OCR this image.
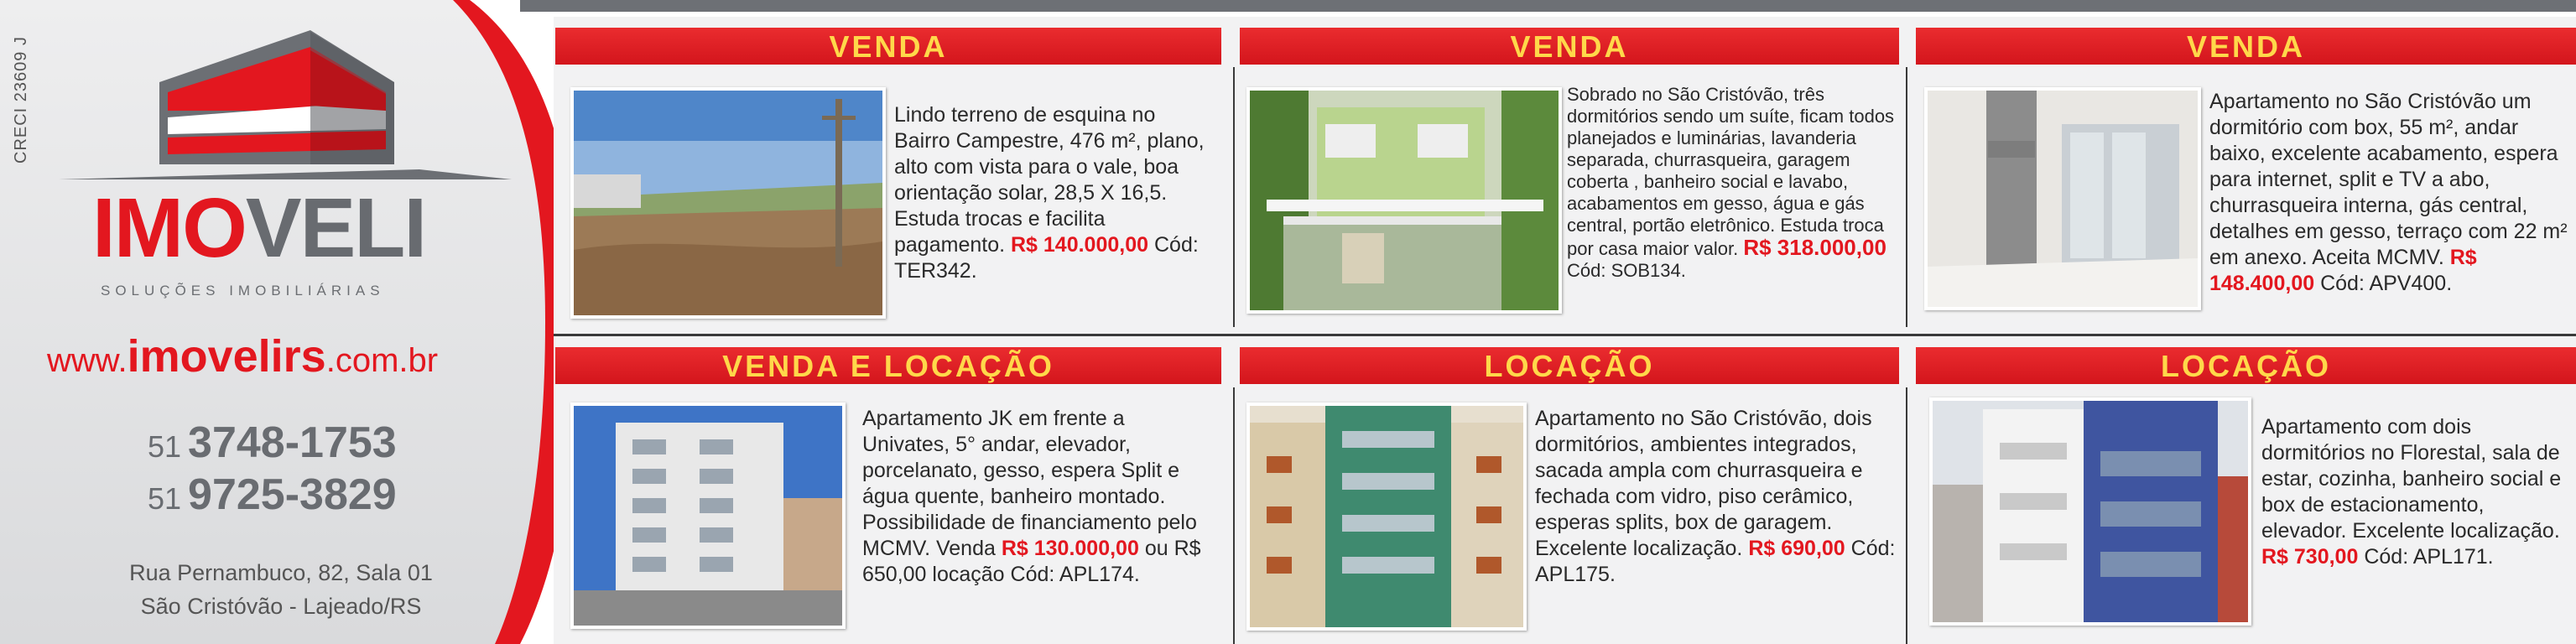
CRECI 23609 J
IMOVELI
SOLUÇÕES IMOBILIÁRIAS
www.imovelirs.com.br
51 3748-1753
51 9725-3829
Rua Pernambuco, 82, Sala 01
São Cristóvão - Lajeado/RS
VENDA
Lindo terreno de esquina no Bairro Campestre, 476 m², plano, alto com vista para o vale, boa orientação solar, 28,5 X 16,5. Estuda trocas e facilita pagamento. R$ 140.000,00 Cód: TER342.
VENDA
Sobrado no São Cristóvão, três dormitórios sendo um suíte, ficam todos planejados e luminárias, lavanderia separada, churrasqueira, garagem coberta , banheiro social e lavabo, acabamentos em gesso, água e gás central, portão eletrônico. Estuda troca por casa maior valor. R$ 318.000,00 Cód: SOB134.
VENDA
Apartamento no São Cristóvão um dormitório com box, 55 m², andar baixo, excelente acabamento, espera para internet, split e TV a abo, churrasqueira interna, gás central, detalhes em gesso, terraço com 22 m² em anexo. Aceita MCMV. R$ 148.400,00 Cód: APV400.
VENDA E LOCAÇÃO
Apartamento JK em frente a Univates, 5° andar, elevador, porcelanato, gesso, espera Split e água quente, banheiro montado. Possibilidade de financiamento pelo MCMV. Venda R$ 130.000,00 ou R$ 650,00 locação Cód: APL174.
LOCAÇÃO
Apartamento no São Cristóvão, dois dormitórios, ambientes integrados, sacada ampla com churrasqueira e fechada com vidro, piso cerâmico, esperas splits, box de garagem. Excelente localização. R$ 690,00 Cód: APL175.
LOCAÇÃO
Apartamento com dois dormitórios no Florestal, sala de estar, cozinha, banheiro social e box de estacionamento, elevador. Excelente localização. R$ 730,00 Cód: APL171.
